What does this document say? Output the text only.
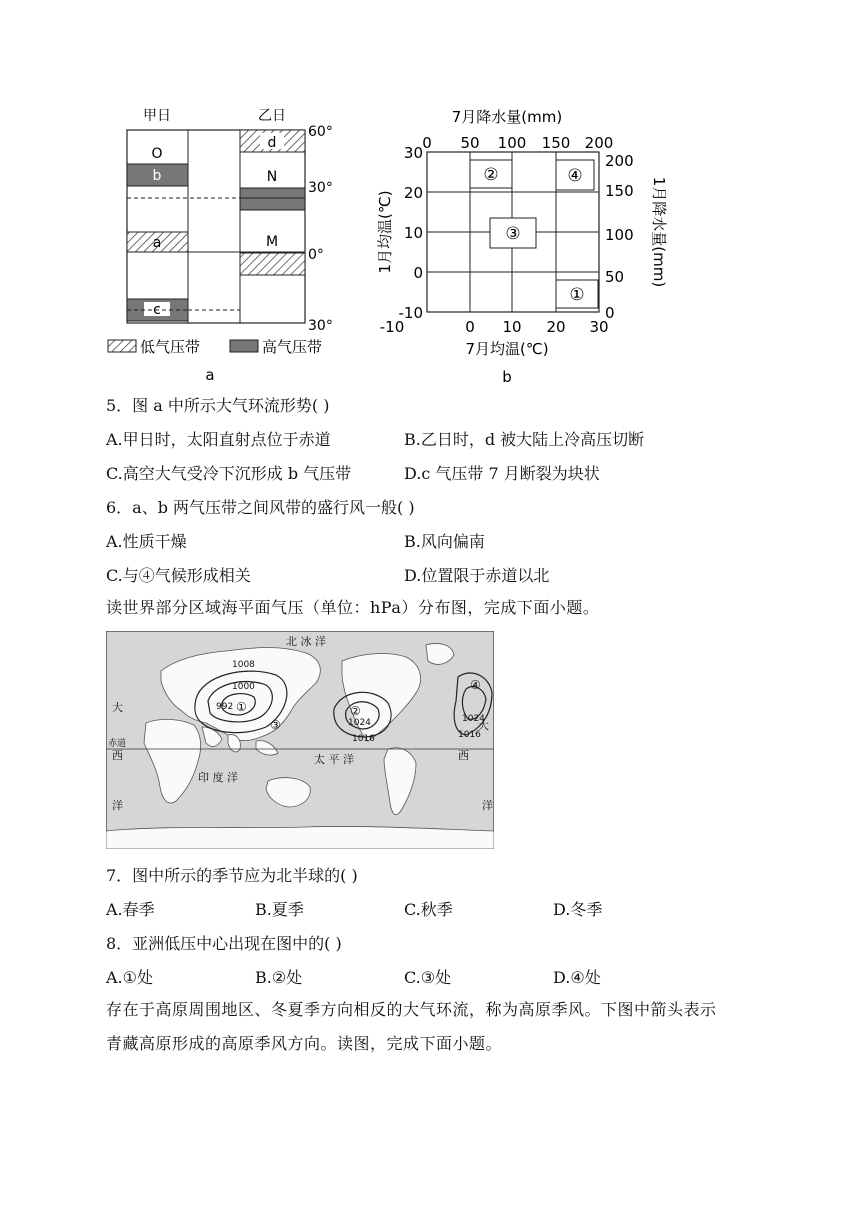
甲日	乙日
O
b
a
c
d
N
M
60°
30°
0°
30°
低气压带	高气压带
a
7月降水量(mm)
0 50 100 150 200
30
20
10
0
-10
200
150
100
50
0
-10	0 10 20 30
7月均温(℃)
1月均温(℃)	1月降水量(mm)
②	④
③
①
b
5．图 a 中所示大气环流形势( )
A.甲日时，太阳直射点位于赤道	B.乙日时，d 被大陆上冷高压切断
C.高空大气受冷下沉形成 b 气压带	D.c 气压带 7 月断裂为块状
6．a、b 两气压带之间风带的盛行风一般( )
A.性质干燥	B.风向偏南
C.与④气候形成相关	D.位置限于赤道以北
读世界部分区域海平面气压（单位：hPa）分布图，完成下面小题。
北 冰 洋
大
西
洋
赤道
印 度 洋
太 平 洋
大
西
洋
1008
1000
992
1024
1016
1024
1016
①	②
③
④
7．图中所示的季节应为北半球的( )
A.春季	B.夏季	C.秋季	D.冬季
8．亚洲低压中心出现在图中的( )
A.①处	B.②处	C.③处	D.④处
存在于高原周围地区、冬夏季方向相反的大气环流，称为高原季风。下图中箭头表示
青藏高原形成的高原季风方向。读图，完成下面小题。
